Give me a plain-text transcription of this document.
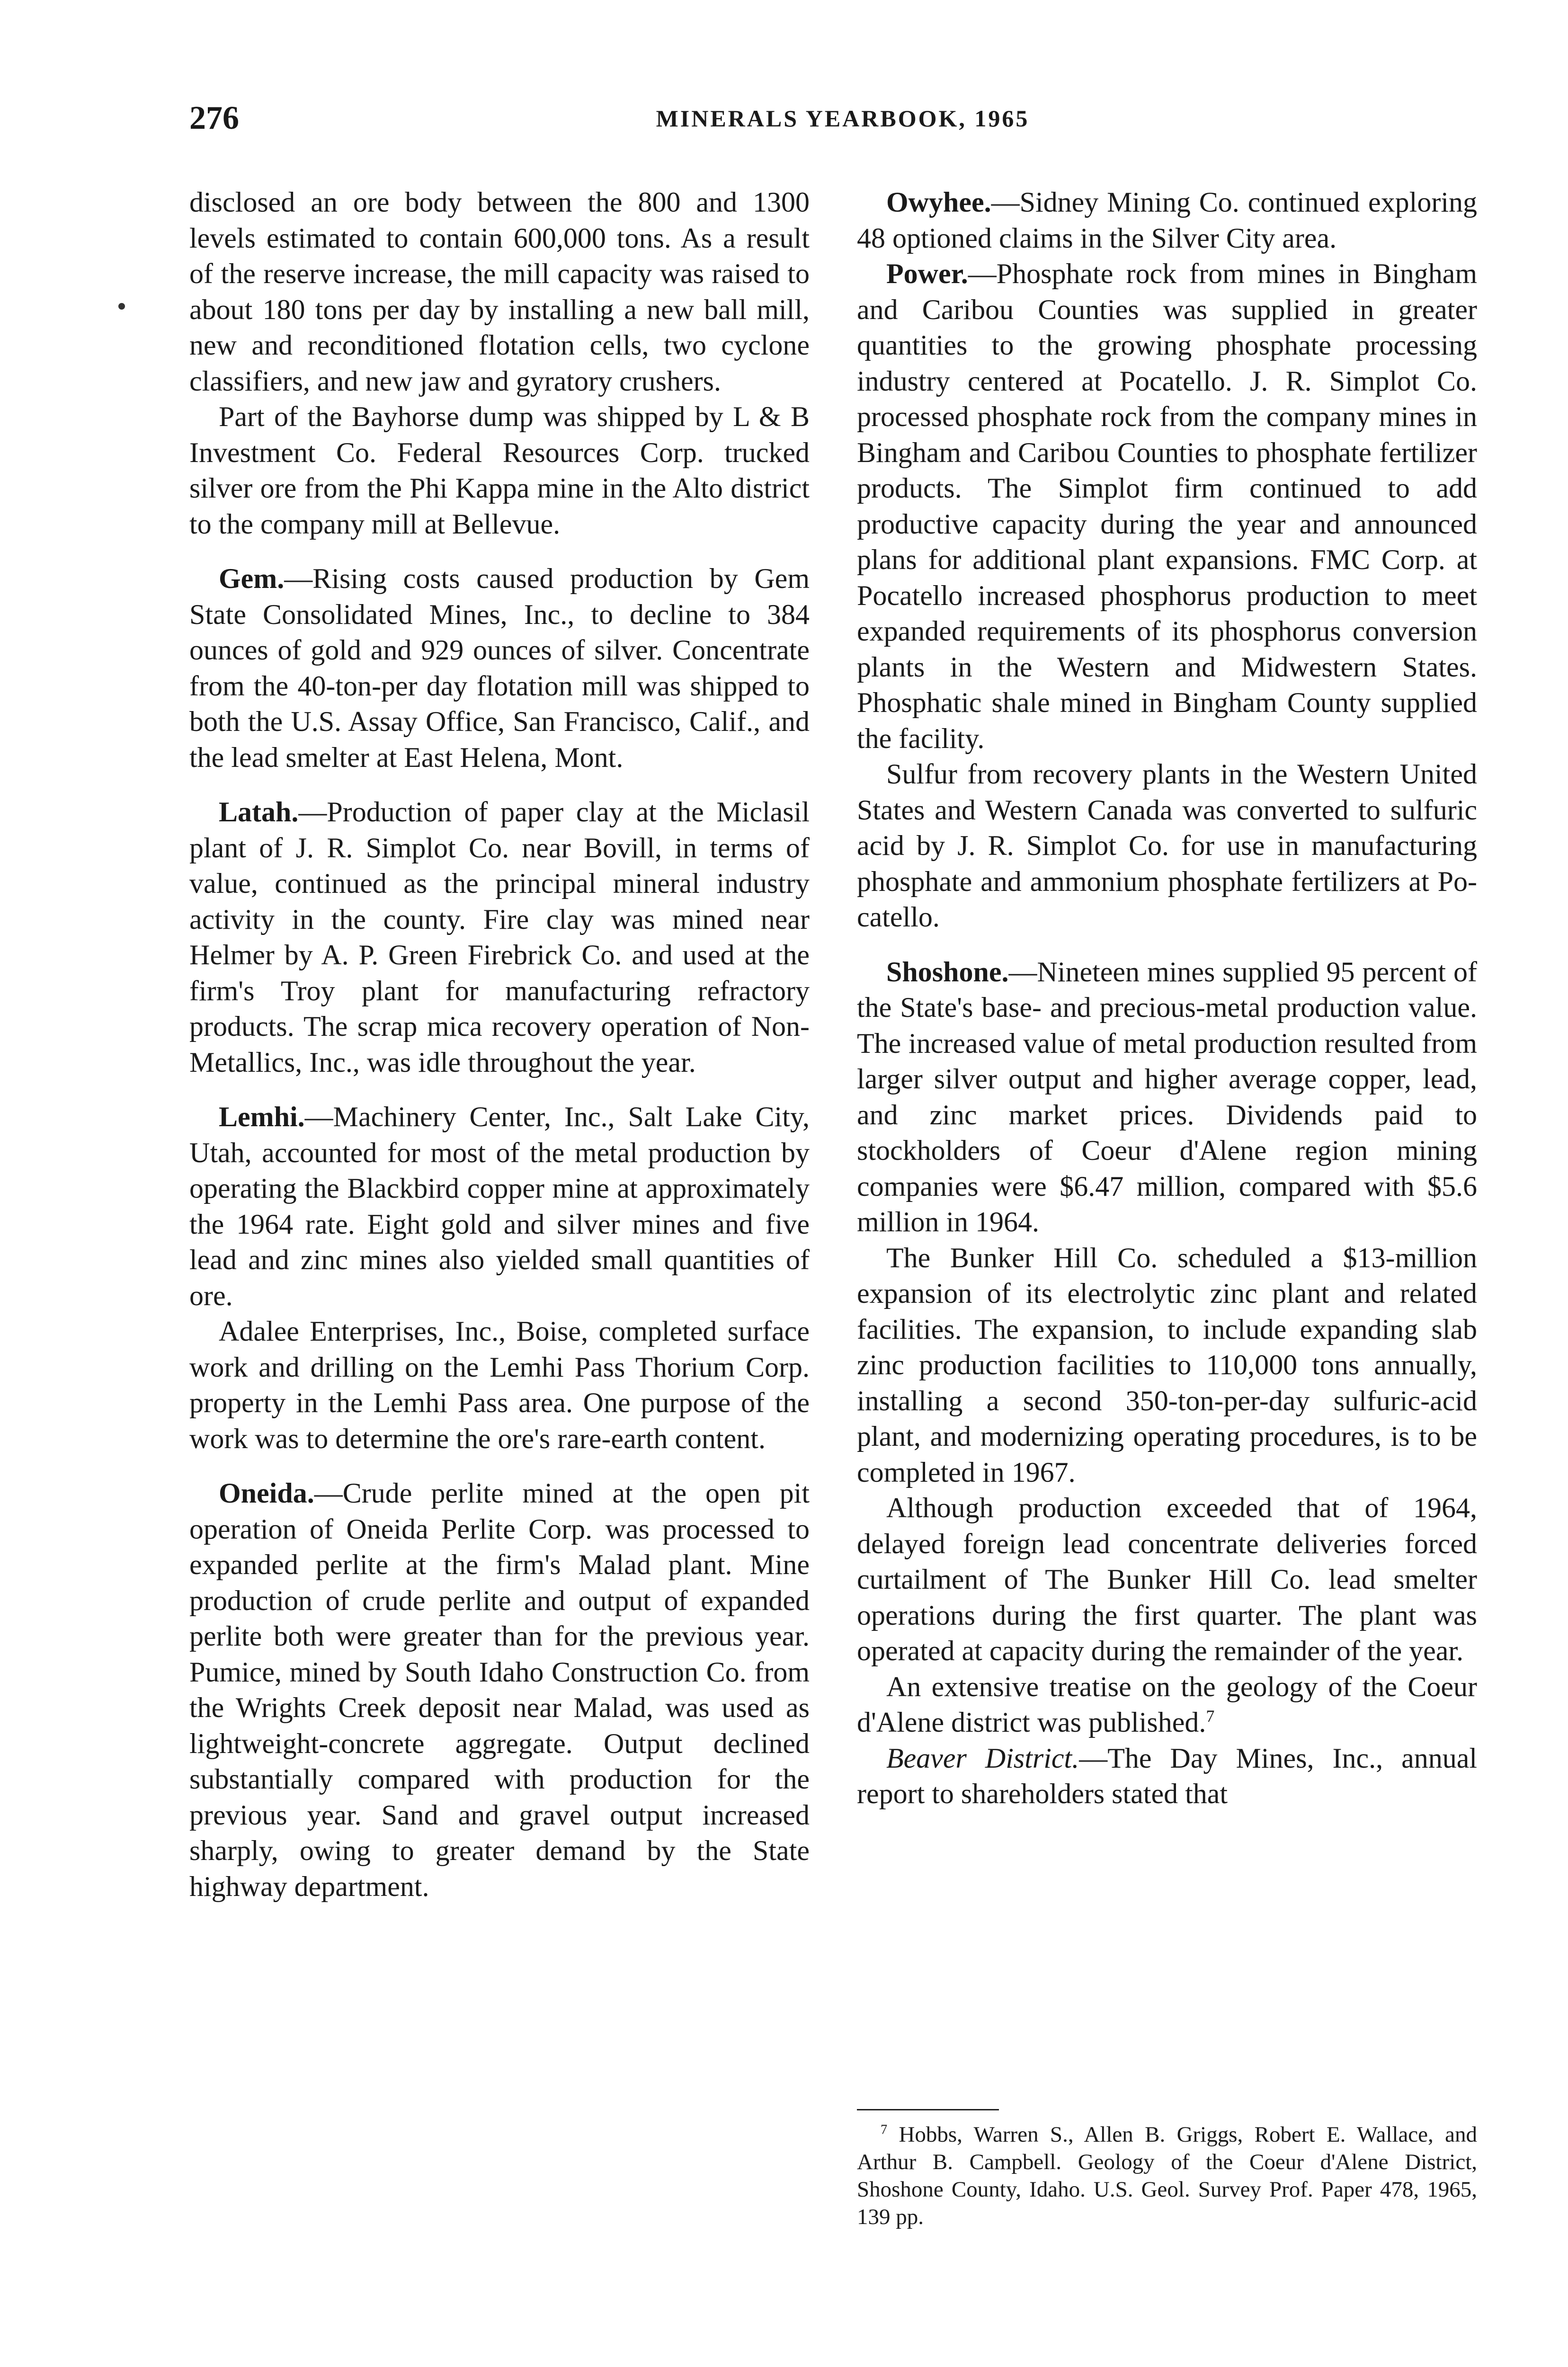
276	MINERALS YEARBOOK, 1965

disclosed an ore body between the 800 and 1300 levels estimated to contain 600,000 tons. As a result of the reserve increase, the mill capacity was raised to about 180 tons per day by installing a new ball mill, new and reconditioned flotation cells, two cyclone classifiers, and new jaw and gyratory crushers.

Part of the Bayhorse dump was shipped by L & B Investment Co. Federal Resources Corp. trucked silver ore from the Phi Kappa mine in the Alto district to the company mill at Bellevue.

Gem.—Rising costs caused production by Gem State Consolidated Mines, Inc., to decline to 384 ounces of gold and 929 ounces of silver. Concentrate from the 40-ton-per day flotation mill was shipped to both the U.S. Assay Office, San Francisco, Calif., and the lead smelter at East Helena, Mont.

Latah.—Production of paper clay at the Miclasil plant of J. R. Simplot Co. near Bovill, in terms of value, continued as the principal mineral industry activity in the county. Fire clay was mined near Helmer by A. P. Green Firebrick Co. and used at the firm's Troy plant for manufacturing refractory products. The scrap mica recovery operation of Non-Metallics, Inc., was idle throughout the year.

Lemhi.—Machinery Center, Inc., Salt Lake City, Utah, accounted for most of the metal production by operating the Blackbird copper mine at approximately the 1964 rate. Eight gold and silver mines and five lead and zinc mines also yielded small quantities of ore.

Adalee Enterprises, Inc., Boise, completed surface work and drilling on the Lemhi Pass Thorium Corp. property in the Lemhi Pass area. One purpose of the work was to determine the ore's rare-earth content.

Oneida.—Crude perlite mined at the open pit operation of Oneida Perlite Corp. was processed to expanded perlite at the firm's Malad plant. Mine production of crude perlite and output of expanded perlite both were greater than for the previous year. Pumice, mined by South Idaho Construction Co. from the Wrights Creek deposit near Malad, was used as lightweight-concrete aggregate. Output declined substantially compared with production for the previous year. Sand and gravel output increased sharply, owing to greater demand by the State highway department.

Owyhee.—Sidney Mining Co. continued exploring 48 optioned claims in the Silver City area.

Power.—Phosphate rock from mines in Bingham and Caribou Counties was supplied in greater quantities to the growing phosphate processing industry centered at Pocatello. J. R. Simplot Co. processed phosphate rock from the company mines in Bingham and Caribou Counties to phosphate fertilizer products. The Simplot firm continued to add productive capacity during the year and announced plans for additional plant expansions. FMC Corp. at Pocatello increased phosphorus production to meet expanded requirements of its phosphorus conversion plants in the Western and Midwestern States. Phosphatic shale mined in Bingham County supplied the facility.

Sulfur from recovery plants in the Western United States and Western Canada was converted to sulfuric acid by J. R. Simplot Co. for use in manufacturing phosphate and ammonium phosphate fertilizers at Pocatello.

Shoshone.—Nineteen mines supplied 95 percent of the State's base- and precious-metal production value. The increased value of metal production resulted from larger silver output and higher average copper, lead, and zinc market prices. Dividends paid to stockholders of Coeur d'Alene region mining companies were $6.47 million, compared with $5.6 million in 1964.

The Bunker Hill Co. scheduled a $13-million expansion of its electrolytic zinc plant and related facilities. The expansion, to include expanding slab zinc production facilities to 110,000 tons annually, installing a second 350-ton-per-day sulfuric-acid plant, and modernizing operating procedures, is to be completed in 1967.

Although production exceeded that of 1964, delayed foreign lead concentrate deliveries forced curtailment of The Bunker Hill Co. lead smelter operations during the first quarter. The plant was operated at capacity during the remainder of the year.

An extensive treatise on the geology of the Coeur d'Alene district was published.$^7$

Beaver District.—The Day Mines, Inc., annual report to shareholders stated that

$^7$ Hobbs, Warren S., Allen B. Griggs, Robert E. Wallace, and Arthur B. Campbell. Geology of the Coeur d'Alene District, Shoshone County, Idaho. U.S. Geol. Survey Prof. Paper 478, 1965, 139 pp.
